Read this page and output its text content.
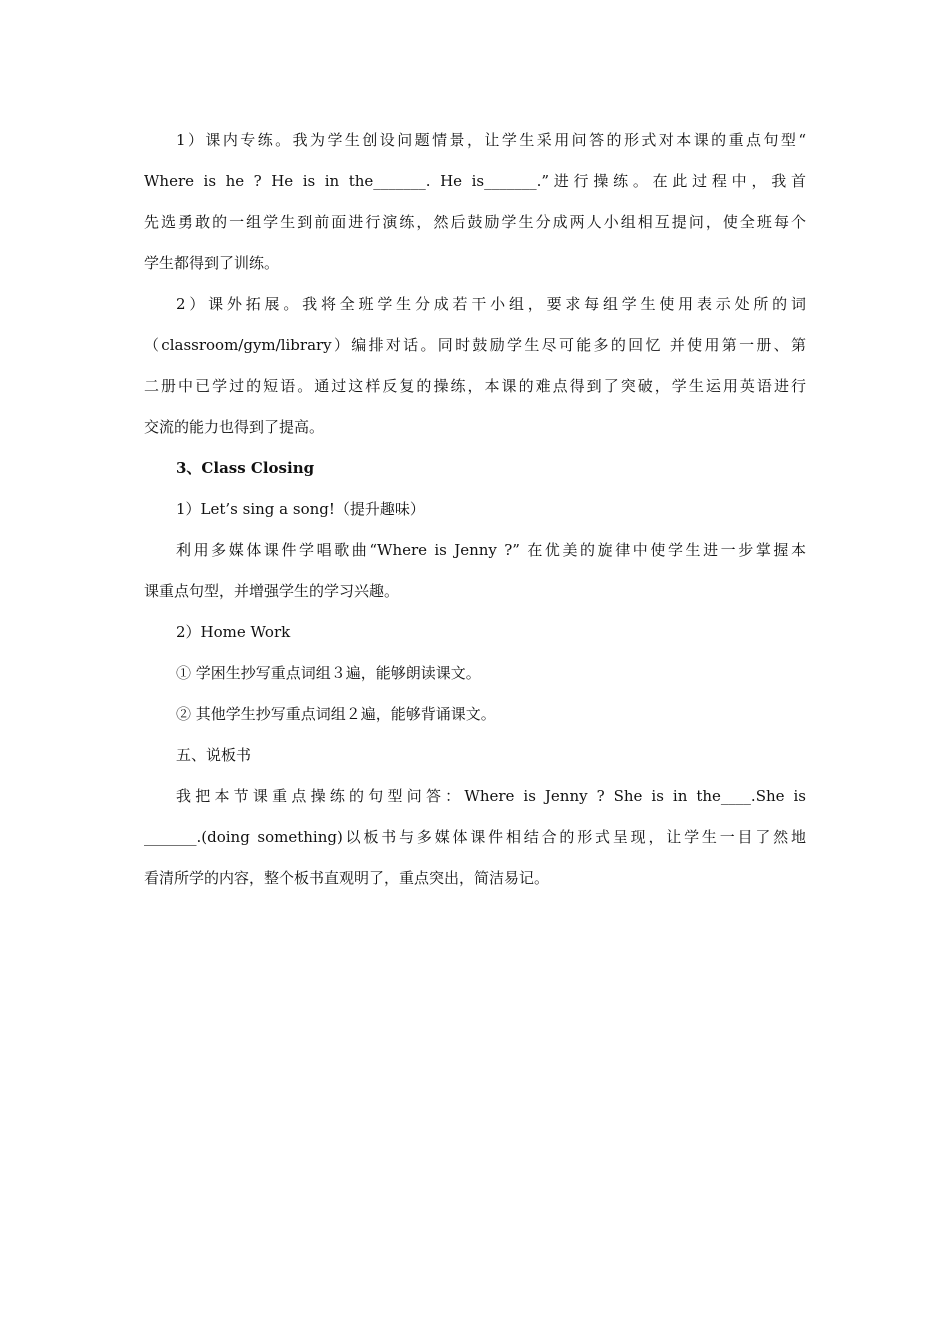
1）课内专练。我为学生创设问题情景，让学生采用问答的形式对本课的重点句型“
Where is he ? He is in the_______. He is_______.”进行操练。在此过程中，我首
先选勇敢的一组学生到前面进行演练，然后鼓励学生分成两人小组相互提问，使全班每个
学生都得到了训练。

2）课外拓展。我将全班学生分成若干小组，要求每组学生使用表示处所的词
（classroom/gym/library）编排对话。同时鼓励学生尽可能多的回忆 并使用第一册、第
二册中已学过的短语。通过这样反复的操练，本课的难点得到了突破，学生运用英语进行
交流的能力也得到了提高。

3、Class Closing

1）Let’s sing a song!（提升趣味）

利用多媒体课件学唱歌曲“Where is Jenny ?” 在优美的旋律中使学生进一步掌握本
课重点句型，并增强学生的学习兴趣。

2）Home Work

① 学困生抄写重点词组３遍，能够朗读课文。

② 其他学生抄写重点词组２遍，能够背诵课文。

五、说板书

我把本节课重点操练的句型问答：Where is Jenny ? She is in the____.She is
_______.(doing something)以板书与多媒体课件相结合的形式呈现，让学生一目了然地
看清所学的内容，整个板书直观明了，重点突出，简洁易记。
